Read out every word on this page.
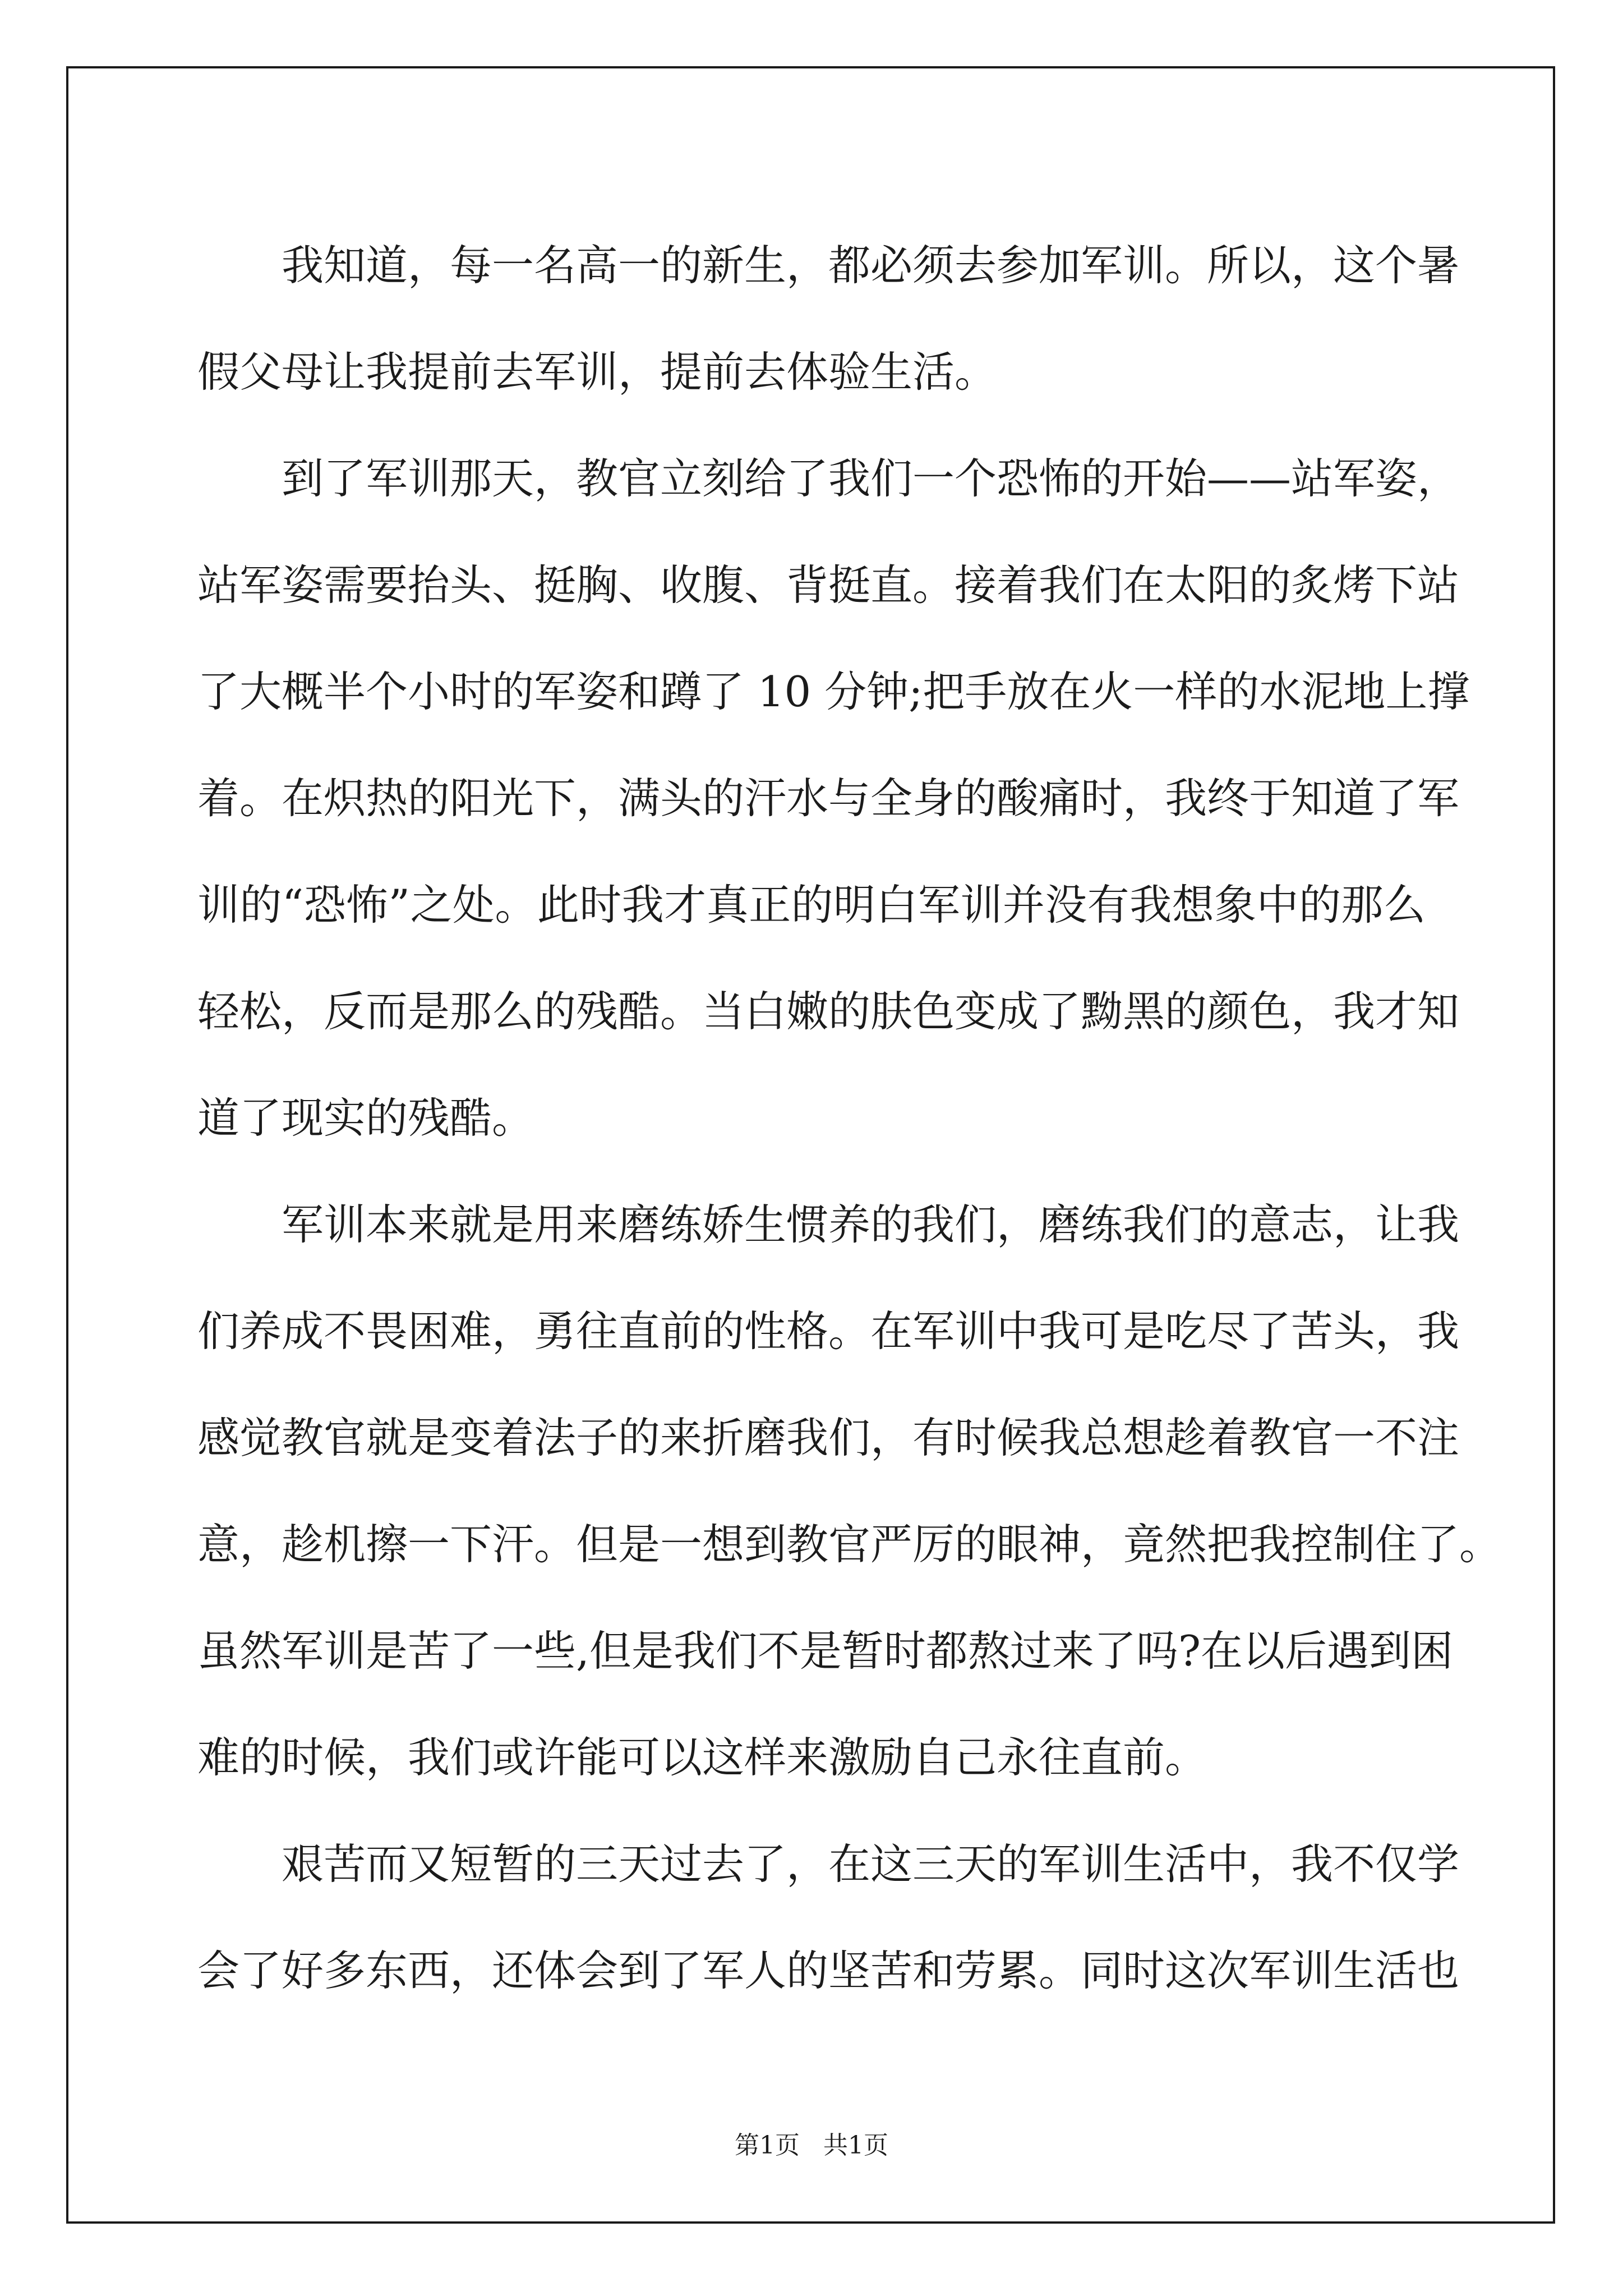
我知道，每一名高一的新生，都必须去参加军训。所以，这个暑
假父母让我提前去军训，提前去体验生活。
到了军训那天，教官立刻给了我们一个恐怖的开始——站军姿，
站军姿需要抬头、挺胸、收腹、背挺直。接着我们在太阳的炙烤下站
了大概半个小时的军姿和蹲了 10 分钟;把手放在火一样的水泥地上撑
着。在炽热的阳光下，满头的汗水与全身的酸痛时，我终于知道了军
训的“恐怖”之处。此时我才真正的明白军训并没有我想象中的那么
轻松，反而是那么的残酷。当白嫩的肤色变成了黝黑的颜色，我才知
道了现实的残酷。
军训本来就是用来磨练娇生惯养的我们，磨练我们的意志，让我
们养成不畏困难，勇往直前的性格。在军训中我可是吃尽了苦头，我
感觉教官就是变着法子的来折磨我们，有时候我总想趁着教官一不注
意，趁机擦一下汗。但是一想到教官严厉的眼神，竟然把我控制住了。
虽然军训是苦了一些,但是我们不是暂时都熬过来了吗?在以后遇到困
难的时候，我们或许能可以这样来激励自己永往直前。
艰苦而又短暂的三天过去了，在这三天的军训生活中，我不仅学
会了好多东西，还体会到了军人的坚苦和劳累。同时这次军训生活也
第1页   共1页
